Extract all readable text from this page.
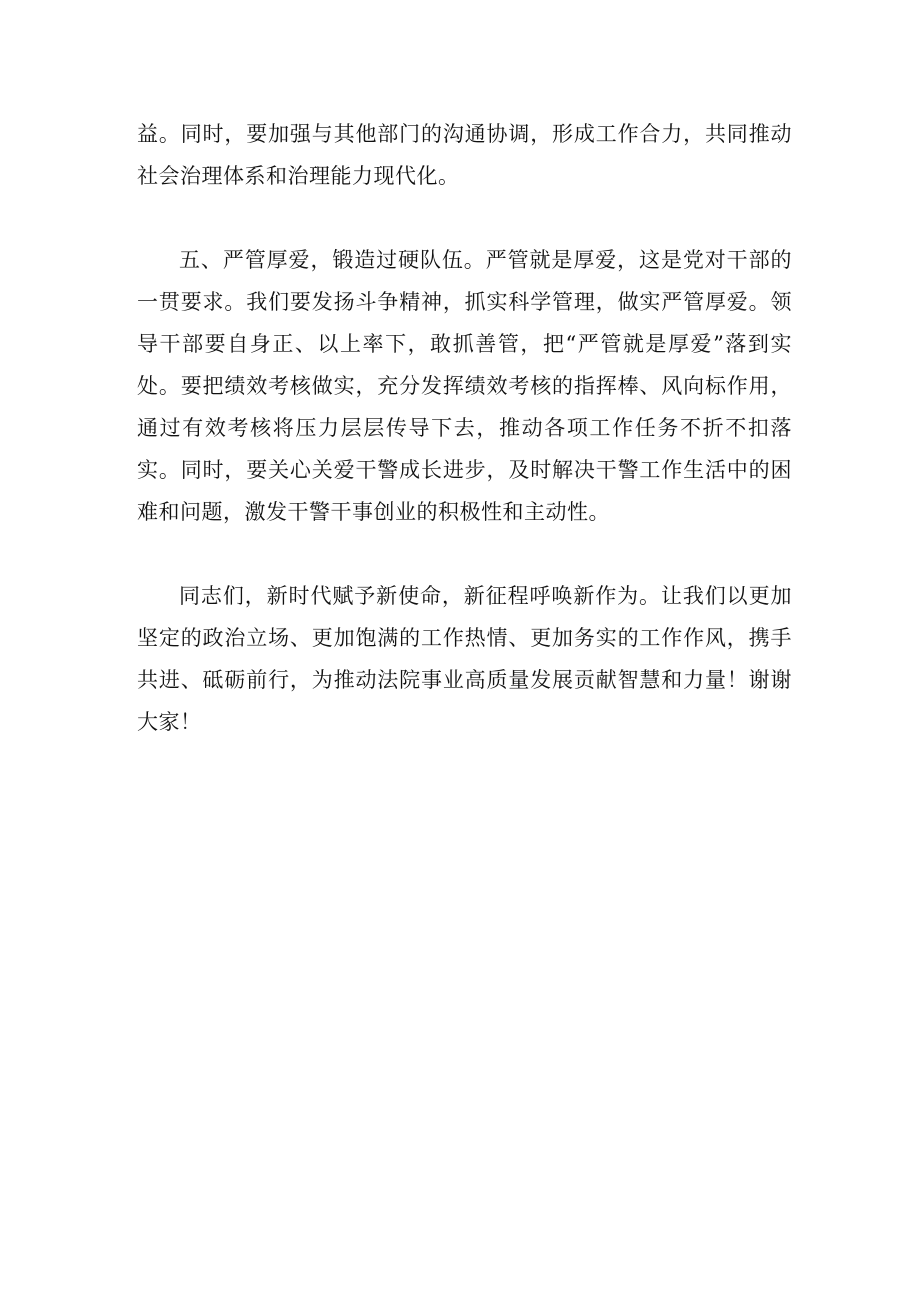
益。同时，要加强与其他部门的沟通协调，形成工作合力，共同推动社会治理体系和治理能力现代化。

五、严管厚爱，锻造过硬队伍。严管就是厚爱，这是党对干部的一贯要求。我们要发扬斗争精神，抓实科学管理，做实严管厚爱。领导干部要自身正、以上率下，敢抓善管，把“严管就是厚爱”落到实处。要把绩效考核做实，充分发挥绩效考核的指挥棒、风向标作用，通过有效考核将压力层层传导下去，推动各项工作任务不折不扣落实。同时，要关心关爱干警成长进步，及时解决干警工作生活中的困难和问题，激发干警干事创业的积极性和主动性。

同志们，新时代赋予新使命，新征程呼唤新作为。让我们以更加坚定的政治立场、更加饱满的工作热情、更加务实的工作作风，携手共进、砥砺前行，为推动法院事业高质量发展贡献智慧和力量！谢谢大家！
